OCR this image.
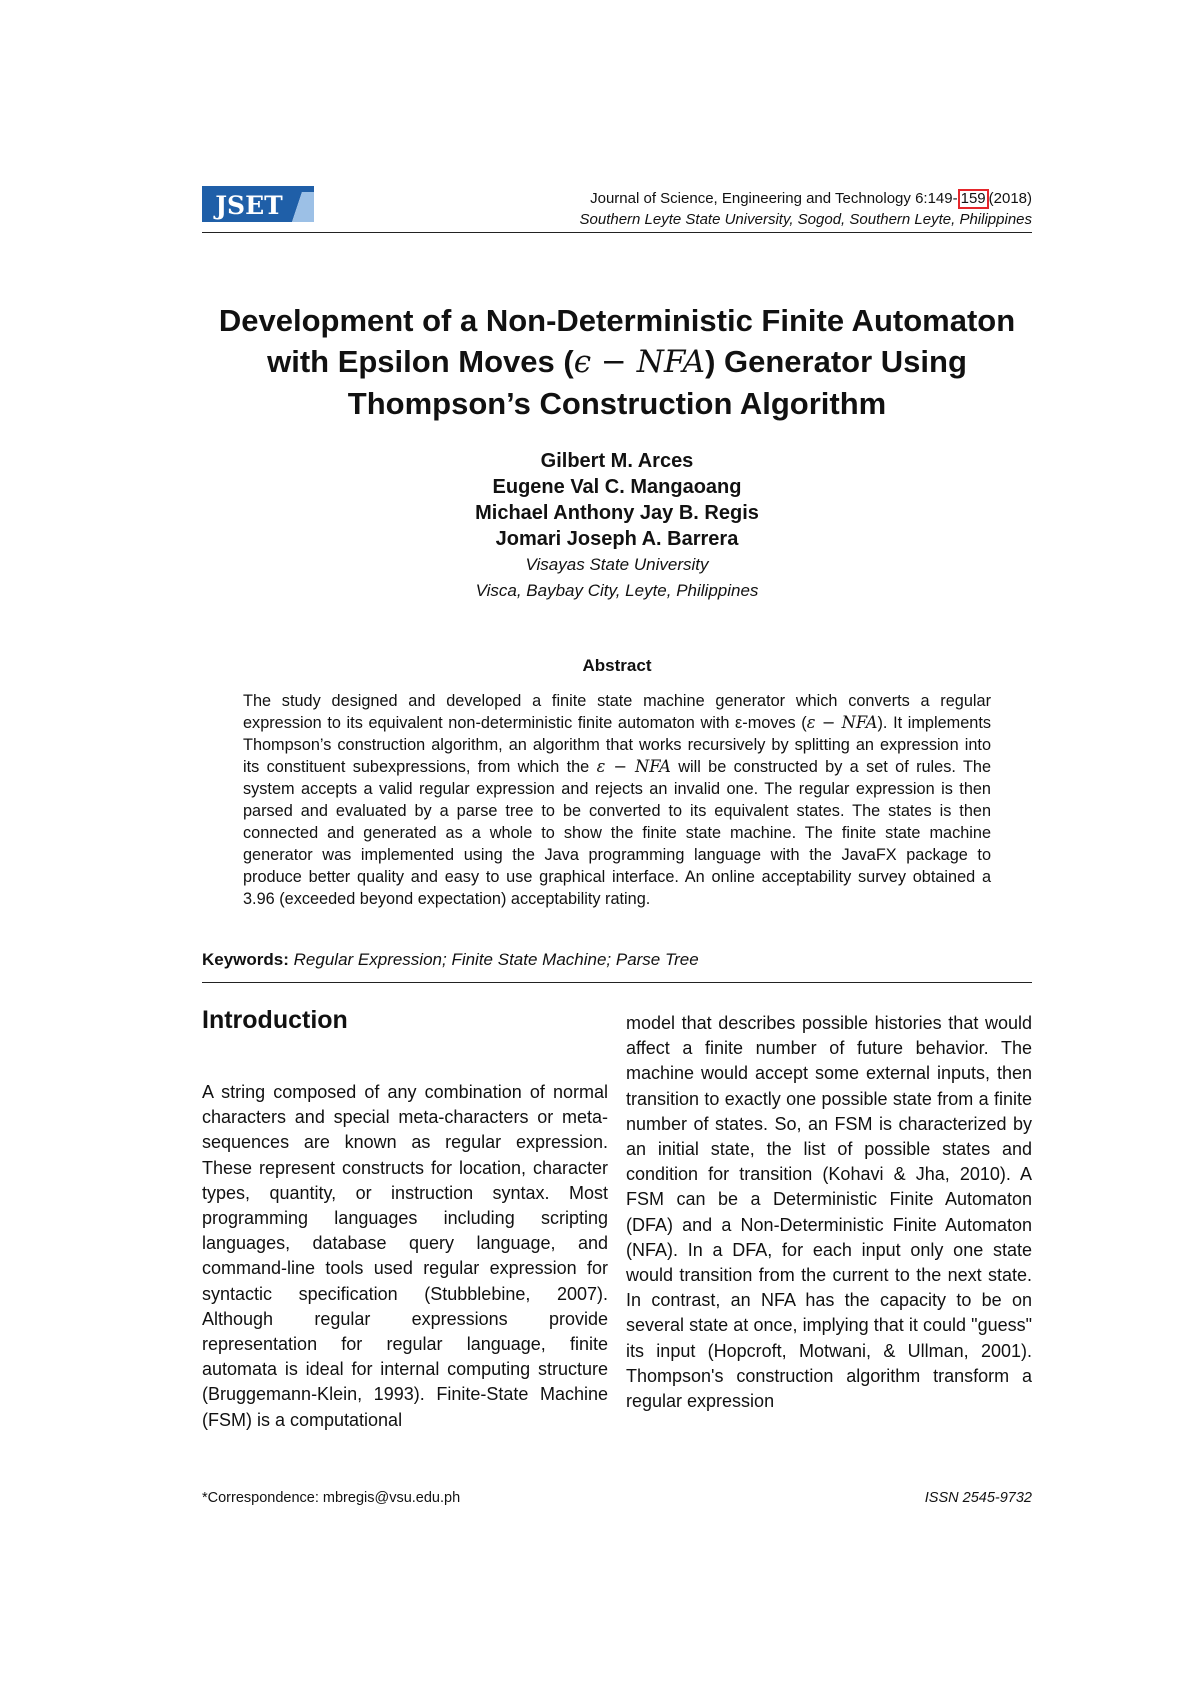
JSET	Journal of Science, Engineering and Technology 6:149- 159 (2018)
Southern Leyte State University, Sogod, Southern Leyte, Philippines
Development of a Non-Deterministic Finite Automaton
with Epsilon Moves (ϵ − NFA) Generator Using
Thompson’s Construction Algorithm
Gilbert M. Arces
Eugene Val C. Mangaoang
Michael Anthony Jay B. Regis
Jomari Joseph A. Barrera
Visayas State University
Visca, Baybay City, Leyte, Philippines
Abstract
The study designed and developed a finite state machine generator which converts a regular expression to its equivalent non-deterministic finite automaton with ε-moves (ε − NFA). It implements Thompson’s construction algorithm, an algorithm that works recursively by splitting an expression into its constituent subexpressions, from which the ε − NFA will be constructed by a set of rules. The system accepts a valid regular expression and rejects an invalid one. The regular expression is then parsed and evaluated by a parse tree to be converted to its equivalent states. The states is then connected and generated as a whole to show the finite state machine. The finite state machine generator was implemented using the Java programming language with the JavaFX package to produce better quality and easy to use graphical interface. An online acceptability survey obtained a 3.96 (exceeded beyond expectation) acceptability rating.
Keywords: Regular Expression; Finite State Machine; Parse Tree
Introduction
A string composed of any combination of normal characters and special meta-characters or meta-sequences are known as regular expression. These represent constructs for location, character types, quantity, or instruction syntax. Most programming languages including scripting languages, database query language, and command-line tools used regular expression for syntactic specification (Stubblebine, 2007). Although regular expressions provide representation for regular language, finite automata is ideal for internal computing structure (Bruggemann-Klein, 1993). Finite-State Machine (FSM) is a computational
model that describes possible histories that would affect a finite number of future behavior. The machine would accept some external inputs, then transition to exactly one possible state from a finite number of states. So, an FSM is characterized by an initial state, the list of possible states and condition for transition (Kohavi & Jha, 2010). A FSM can be a Deterministic Finite Automaton (DFA) and a Non-Deterministic Finite Automaton (NFA). In a DFA, for each input only one state would transition from the current to the next state. In contrast, an NFA has the capacity to be on several state at once, implying that it could "guess" its input (Hopcroft, Motwani, & Ullman, 2001). Thompson's construction algorithm transform a regular expression
*Correspondence: mbregis@vsu.edu.ph	ISSN 2545-9732
